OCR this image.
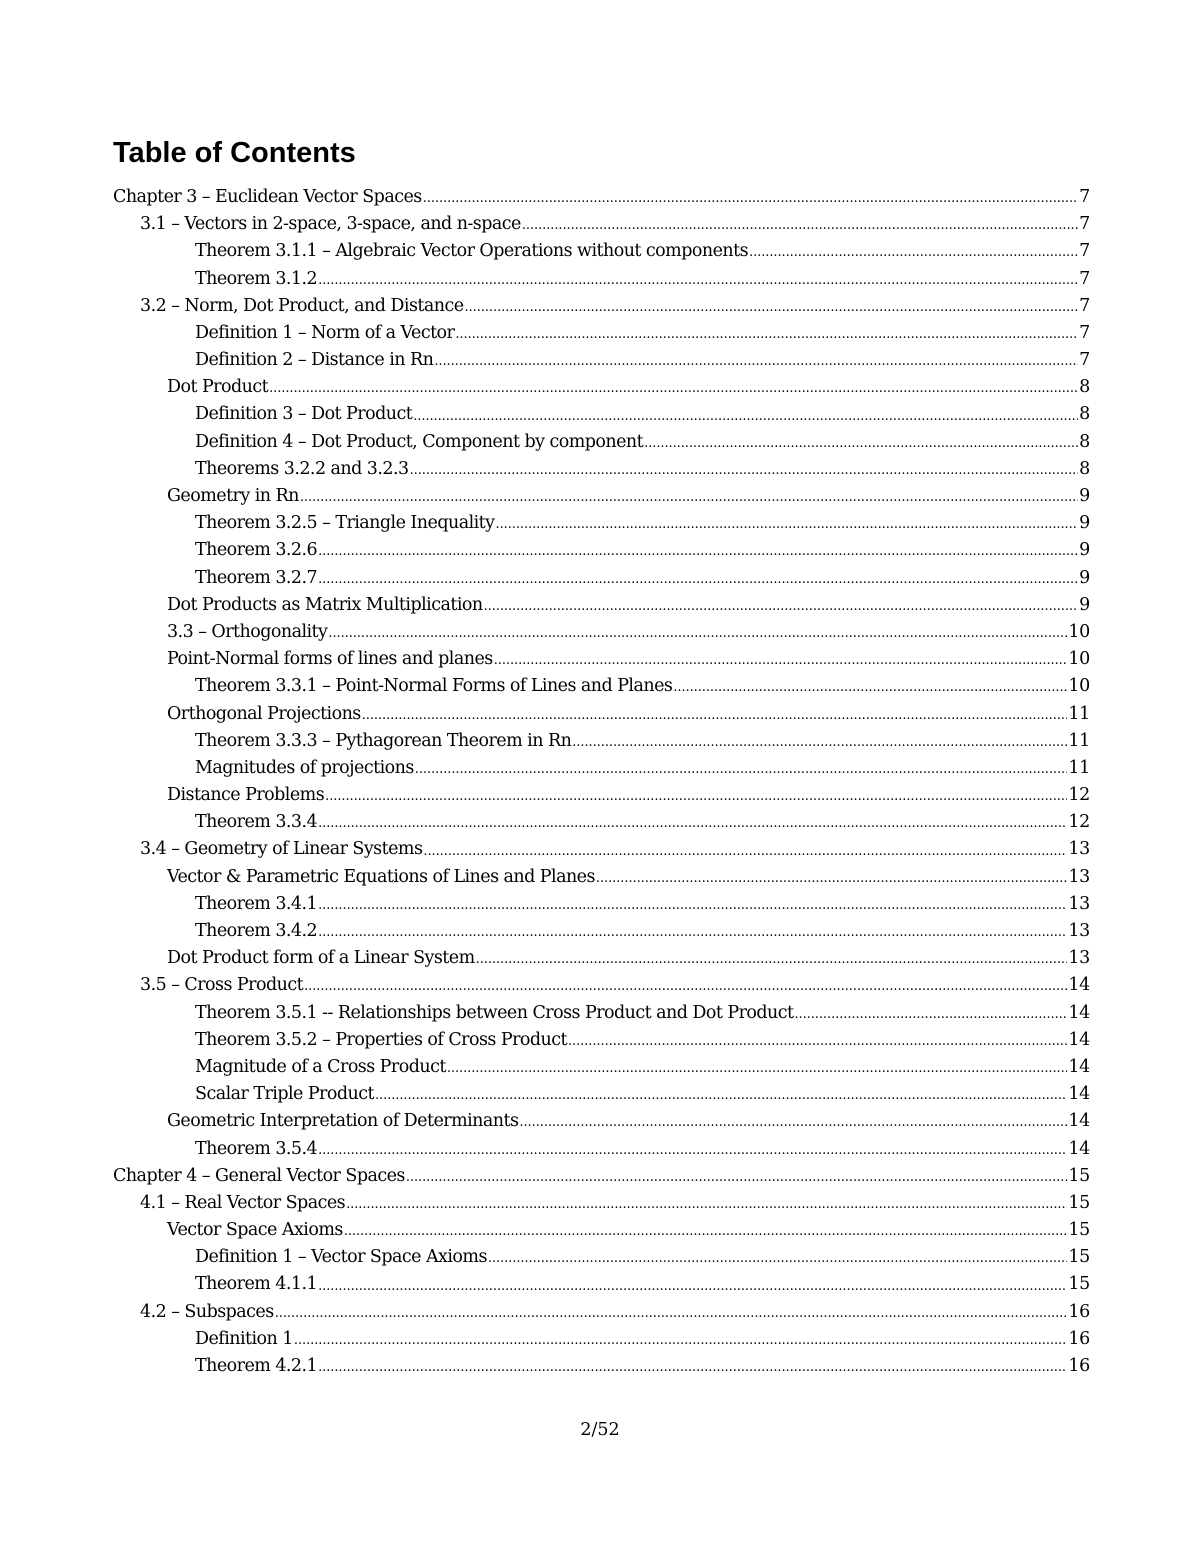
Table of Contents
Chapter 3 – Euclidean Vector Spaces . . .	7
3.1 – Vectors in 2-space, 3-space, and n-space . . .	7
Theorem 3.1.1 – Algebraic Vector Operations without components . . .	7
Theorem 3.1.2 . . .	7
3.2 – Norm, Dot Product, and Distance . . .	7
Definition 1 – Norm of a Vector . . .	7
Definition 2 – Distance in Rn . . .	7
Dot Product . . .	8
Definition 3 – Dot Product . . .	8
Definition 4 – Dot Product, Component by component . . .	8
Theorems 3.2.2 and 3.2.3 . . .	8
Geometry in Rn . . .	9
Theorem 3.2.5 – Triangle Inequality . . .	9
Theorem 3.2.6 . . .	9
Theorem 3.2.7 . . .	9
Dot Products as Matrix Multiplication . . .	9
3.3 – Orthogonality . . .	10
Point-Normal forms of lines and planes . . .	10
Theorem 3.3.1 – Point-Normal Forms of Lines and Planes . . .	10
Orthogonal Projections . . .	11
Theorem 3.3.3 – Pythagorean Theorem in Rn . . .	11
Magnitudes of projections . . .	11
Distance Problems . . .	12
Theorem 3.3.4 . . .	12
3.4 – Geometry of Linear Systems . . .	13
Vector & Parametric Equations of Lines and Planes . . .	13
Theorem 3.4.1 . . .	13
Theorem 3.4.2 . . .	13
Dot Product form of a Linear System . . .	13
3.5 – Cross Product . . .	14
Theorem 3.5.1 -- Relationships between Cross Product and Dot Product . . .	14
Theorem 3.5.2 – Properties of Cross Product . . .	14
Magnitude of a Cross Product . . .	14
Scalar Triple Product . . .	14
Geometric Interpretation of Determinants . . .	14
Theorem 3.5.4 . . .	14
Chapter 4 – General Vector Spaces . . .	15
4.1 – Real Vector Spaces . . .	15
Vector Space Axioms . . .	15
Definition 1 – Vector Space Axioms . . .	15
Theorem 4.1.1 . . .	15
4.2 – Subspaces . . .	16
Definition 1 . . .	16
Theorem 4.2.1 . . .	16
2/52
